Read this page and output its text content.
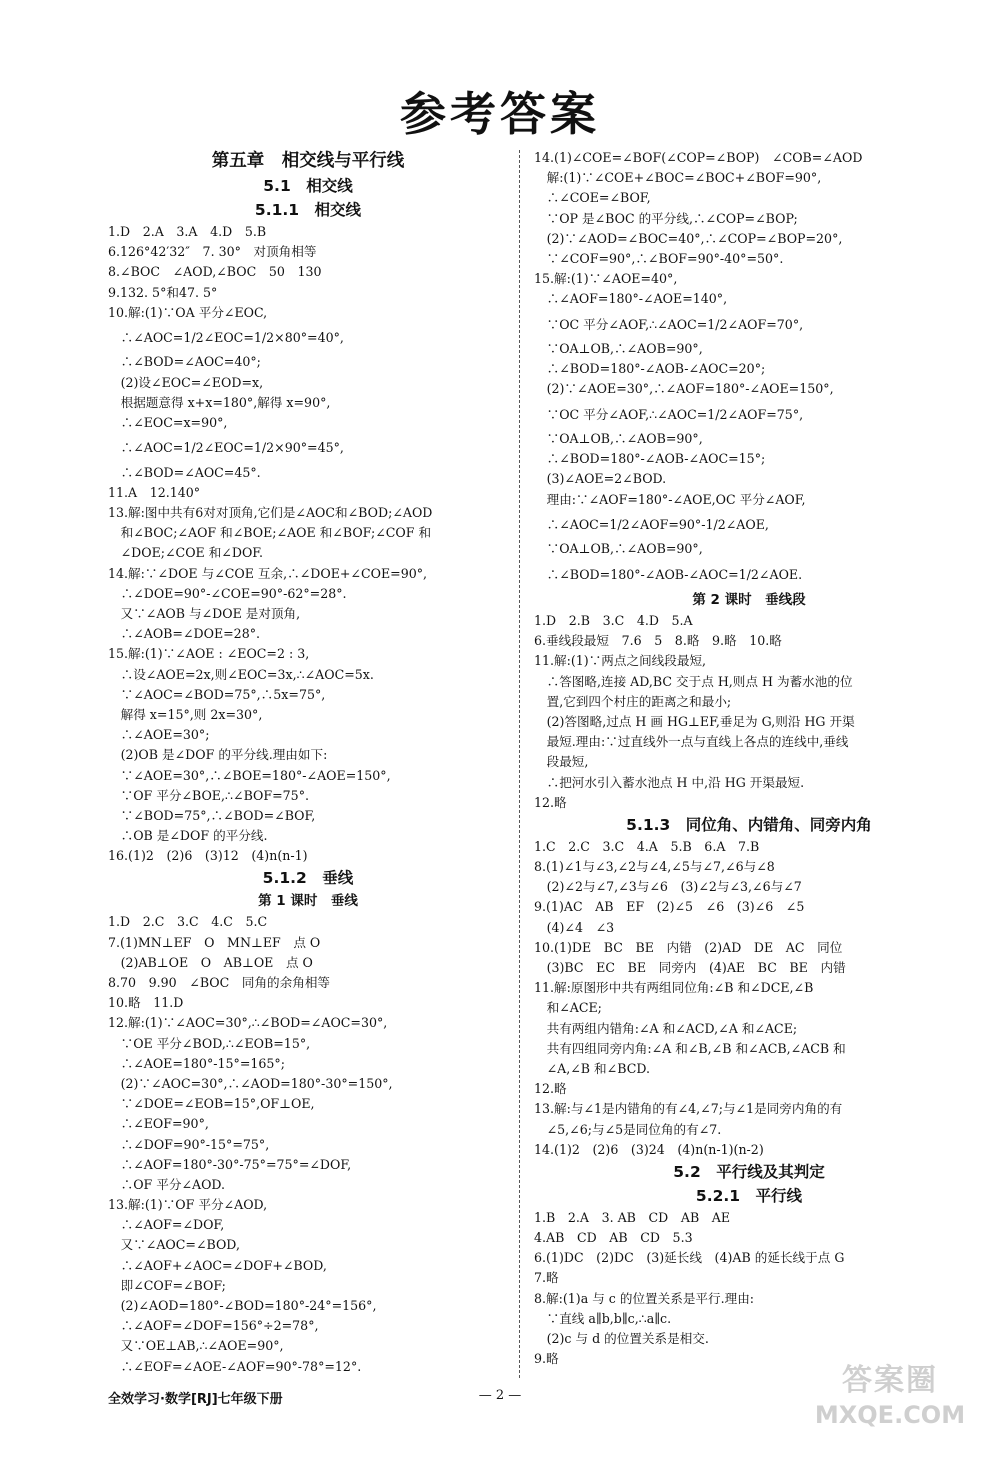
参考答案
第五章　相交线与平行线
5.1　相交线
5.1.1　相交线
1.D　2.A　3.A　4.D　5.B
6.126°42′32″　7. 30°　对顶角相等
8.∠BOC　∠AOD,∠BOC　50　130
9.132. 5°和47. 5°
10.解:(1)∵OA 平分∠EOC,
　∴∠AOC=1/2∠EOC=1/2×80°=40°,
　∴∠BOD=∠AOC=40°;
　(2)设∠EOC=∠EOD=x,
　根据题意得 x+x=180°,解得 x=90°,
　∴∠EOC=x=90°,
　∴∠AOC=1/2∠EOC=1/2×90°=45°,
　∴∠BOD=∠AOC=45°.
11.A　12.140°
13.解:图中共有6对对顶角,它们是∠AOC和∠BOD;∠AOD
　和∠BOC;∠AOF 和∠BOE;∠AOE 和∠BOF;∠COF 和
　∠DOE;∠COE 和∠DOF.
14.解:∵∠DOE 与∠COE 互余,∴∠DOE+∠COE=90°,
　∴∠DOE=90°-∠COE=90°-62°=28°.
　又∵∠AOB 与∠DOE 是对顶角,
　∴∠AOB=∠DOE=28°.
15.解:(1)∵∠AOE : ∠EOC=2 : 3,
　∴设∠AOE=2x,则∠EOC=3x,∴∠AOC=5x.
　∵∠AOC=∠BOD=75°,∴5x=75°,
　解得 x=15°,则 2x=30°,
　∴∠AOE=30°;
　(2)OB 是∠DOF 的平分线.理由如下:
　∵∠AOE=30°,∴∠BOE=180°-∠AOE=150°,
　∵OF 平分∠BOE,∴∠BOF=75°.
　∵∠BOD=75°,∴∠BOD=∠BOF,
　∴OB 是∠DOF 的平分线.
16.(1)2　(2)6　(3)12　(4)n(n-1)
5.1.2　垂线
第 1 课时　垂线
1.D　2.C　3.C　4.C　5.C
7.(1)MN⊥EF　O　MN⊥EF　点 O
　(2)AB⊥OE　O　AB⊥OE　点 O
8.70　9.90　∠BOC　同角的余角相等
10.略　11.D
12.解:(1)∵∠AOC=30°,∴∠BOD=∠AOC=30°,
　∵OE 平分∠BOD,∴∠EOB=15°,
　∴∠AOE=180°-15°=165°;
　(2)∵∠AOC=30°,∴∠AOD=180°-30°=150°,
　∵∠DOE=∠EOB=15°,OF⊥OE,
　∴∠EOF=90°,
　∴∠DOF=90°-15°=75°,
　∴∠AOF=180°-30°-75°=75°=∠DOF,
　∴OF 平分∠AOD.
13.解:(1)∵OF 平分∠AOD,
　∴∠AOF=∠DOF,
　又∵∠AOC=∠BOD,
　∴∠AOF+∠AOC=∠DOF+∠BOD,
　即∠COF=∠BOF;
　(2)∠AOD=180°-∠BOD=180°-24°=156°,
　∴∠AOF=∠DOF=156°÷2=78°,
　又∵OE⊥AB,∴∠AOE=90°,
　∴∠EOF=∠AOE-∠AOF=90°-78°=12°.
14.(1)∠COE=∠BOF(∠COP=∠BOP)　∠COB=∠AOD
　解:(1)∵∠COE+∠BOC=∠BOC+∠BOF=90°,
　∴∠COE=∠BOF,
　∵OP 是∠BOC 的平分线,∴∠COP=∠BOP;
　(2)∵∠AOD=∠BOC=40°,∴∠COP=∠BOP=20°,
　∵∠COF=90°,∴∠BOF=90°-40°=50°.
15.解:(1)∵∠AOE=40°,
　∴∠AOF=180°-∠AOE=140°,
　∵OC 平分∠AOF,∴∠AOC=1/2∠AOF=70°,
　∵OA⊥OB,∴∠AOB=90°,
　∴∠BOD=180°-∠AOB-∠AOC=20°;
　(2)∵∠AOE=30°,∴∠AOF=180°-∠AOE=150°,
　∵OC 平分∠AOF,∴∠AOC=1/2∠AOF=75°,
　∵OA⊥OB,∴∠AOB=90°,
　∴∠BOD=180°-∠AOB-∠AOC=15°;
　(3)∠AOE=2∠BOD.
　理由:∵∠AOF=180°-∠AOE,OC 平分∠AOF,
　∴∠AOC=1/2∠AOF=90°-1/2∠AOE,
　∵OA⊥OB,∴∠AOB=90°,
　∴∠BOD=180°-∠AOB-∠AOC=1/2∠AOE.
第 2 课时　垂线段
1.D　2.B　3.C　4.D　5.A
6.垂线段最短　7.6　5　8.略　9.略　10.略
11.解:(1)∵两点之间线段最短,
　∴答图略,连接 AD,BC 交于点 H,则点 H 为蓄水池的位
　置,它到四个村庄的距离之和最小;
　(2)答图略,过点 H 画 HG⊥EF,垂足为 G,则沿 HG 开渠
　最短.理由:∵过直线外一点与直线上各点的连线中,垂线
　段最短,
　∴把河水引入蓄水池点 H 中,沿 HG 开渠最短.
12.略
5.1.3　同位角、内错角、同旁内角
1.C　2.C　3.C　4.A　5.B　6.A　7.B
8.(1)∠1与∠3,∠2与∠4,∠5与∠7,∠6与∠8
　(2)∠2与∠7,∠3与∠6　(3)∠2与∠3,∠6与∠7
9.(1)AC　AB　EF　(2)∠5　∠6　(3)∠6　∠5
　(4)∠4　∠3
10.(1)DE　BC　BE　内错　(2)AD　DE　AC　同位
　(3)BC　EC　BE　同旁内　(4)AE　BC　BE　内错
11.解:原图形中共有两组同位角:∠B 和∠DCE,∠B
　和∠ACE;
　共有两组内错角:∠A 和∠ACD,∠A 和∠ACE;
　共有四组同旁内角:∠A 和∠B,∠B 和∠ACB,∠ACB 和
　∠A,∠B 和∠BCD.
12.略
13.解:与∠1是内错角的有∠4,∠7;与∠1是同旁内角的有
　∠5,∠6;与∠5是同位角的有∠7.
14.(1)2　(2)6　(3)24　(4)n(n-1)(n-2)
5.2　平行线及其判定
5.2.1　平行线
1.B　2.A　3. AB　CD　AB　AE
4.AB　CD　AB　CD　5.3
6.(1)DC　(2)DC　(3)延长线　(4)AB 的延长线于点 G
7.略
8.解:(1)a 与 c 的位置关系是平行.理由:
　∵直线 a∥b,b∥c,∴a∥c.
　(2)c 与 d 的位置关系是相交.
9.略
全效学习·数学[RJ]七年级下册	— 2 —	答案圈
MXQE.COM
